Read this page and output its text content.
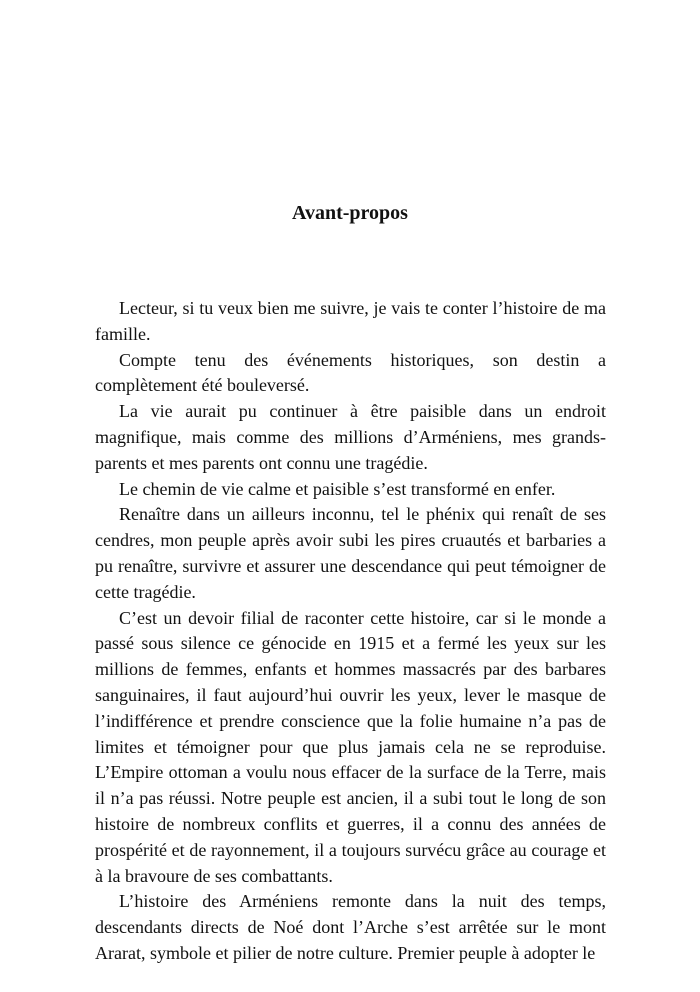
Avant-propos

Lecteur, si tu veux bien me suivre, je vais te conter l’histoire de ma famille.

Compte tenu des événements historiques, son destin a complètement été bouleversé.

La vie aurait pu continuer à être paisible dans un endroit magnifique, mais comme des millions d’Arméniens, mes grands-parents et mes parents ont connu une tragédie.

Le chemin de vie calme et paisible s’est transformé en enfer.

Renaître dans un ailleurs inconnu, tel le phénix qui renaît de ses cendres, mon peuple après avoir subi les pires cruautés et barbaries a pu renaître, survivre et assurer une descendance qui peut témoigner de cette tragédie.

C’est un devoir filial de raconter cette histoire, car si le monde a passé sous silence ce génocide en 1915 et a fermé les yeux sur les millions de femmes, enfants et hommes massacrés par des barbares sanguinaires, il faut aujourd’hui ouvrir les yeux, lever le masque de l’indifférence et prendre conscience que la folie humaine n’a pas de limites et témoigner pour que plus jamais cela ne se reproduise. L’Empire ottoman a voulu nous effacer de la surface de la Terre, mais il n’a pas réussi. Notre peuple est ancien, il a subi tout le long de son histoire de nombreux conflits et guerres, il a connu des années de prospérité et de rayonnement, il a toujours survécu grâce au courage et à la bravoure de ses combattants.

L’histoire des Arméniens remonte dans la nuit des temps, descendants directs de Noé dont l’Arche s’est arrêtée sur le mont Ararat, symbole et pilier de notre culture. Premier peuple à adopter le
